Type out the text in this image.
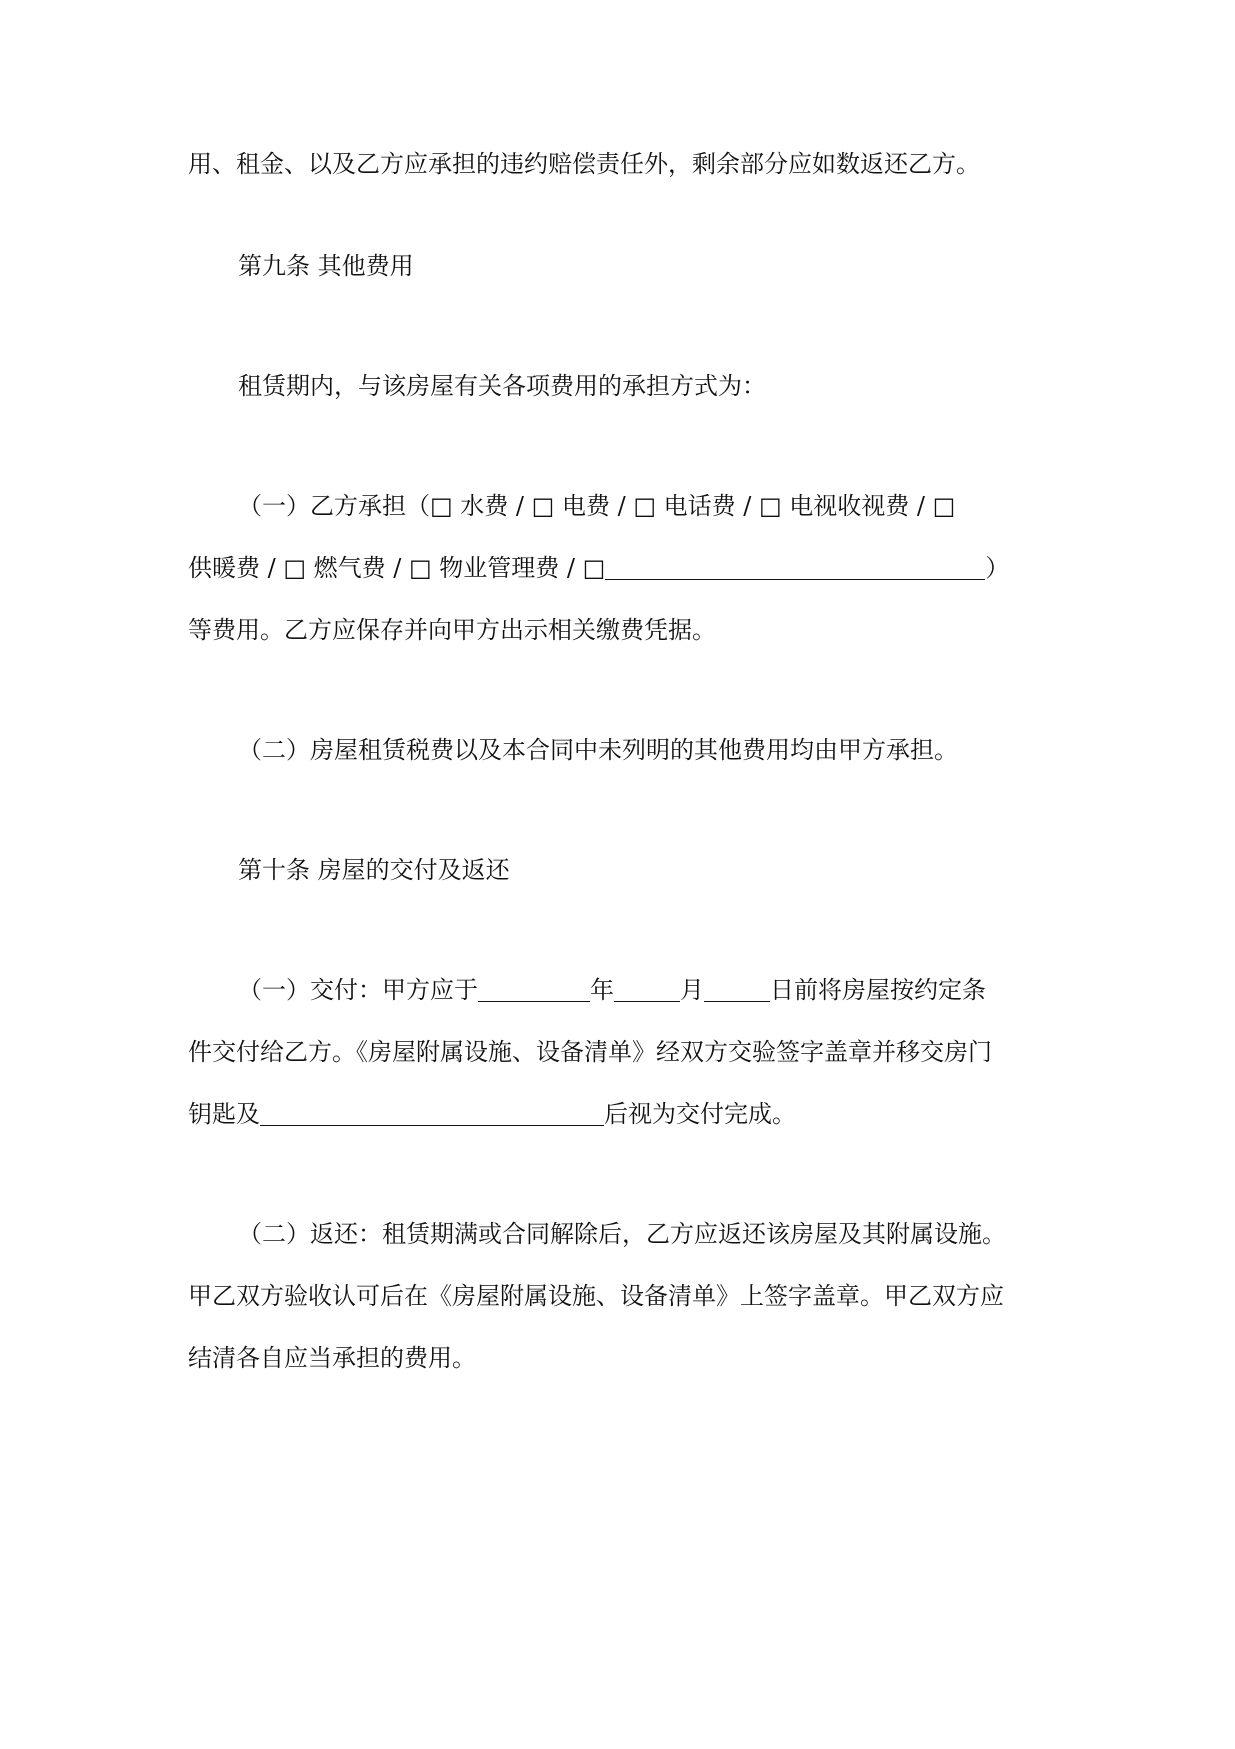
用、租金、以及乙方应承担的违约赔偿责任外，剩余部分应如数返还乙方。
第九条 其他费用
租赁期内，与该房屋有关各项费用的承担方式为：
（一）乙方承担（□ 水费 / □ 电费 / □ 电话费 / □ 电视收视费 / □
供暖费 / □ 燃气费 / □ 物业管理费 / □	）
等费用。乙方应保存并向甲方出示相关缴费凭据。
（二）房屋租赁税费以及本合同中未列明的其他费用均由甲方承担。
第十条 房屋的交付及返还
（一）交付：甲方应于	年	月	日前将房屋按约定条
件交付给乙方。《房屋附属设施、设备清单》经双方交验签字盖章并移交房门
钥匙及	后视为交付完成。
（二）返还：租赁期满或合同解除后，乙方应返还该房屋及其附属设施。
甲乙双方验收认可后在《房屋附属设施、设备清单》上签字盖章。甲乙双方应
结清各自应当承担的费用。
